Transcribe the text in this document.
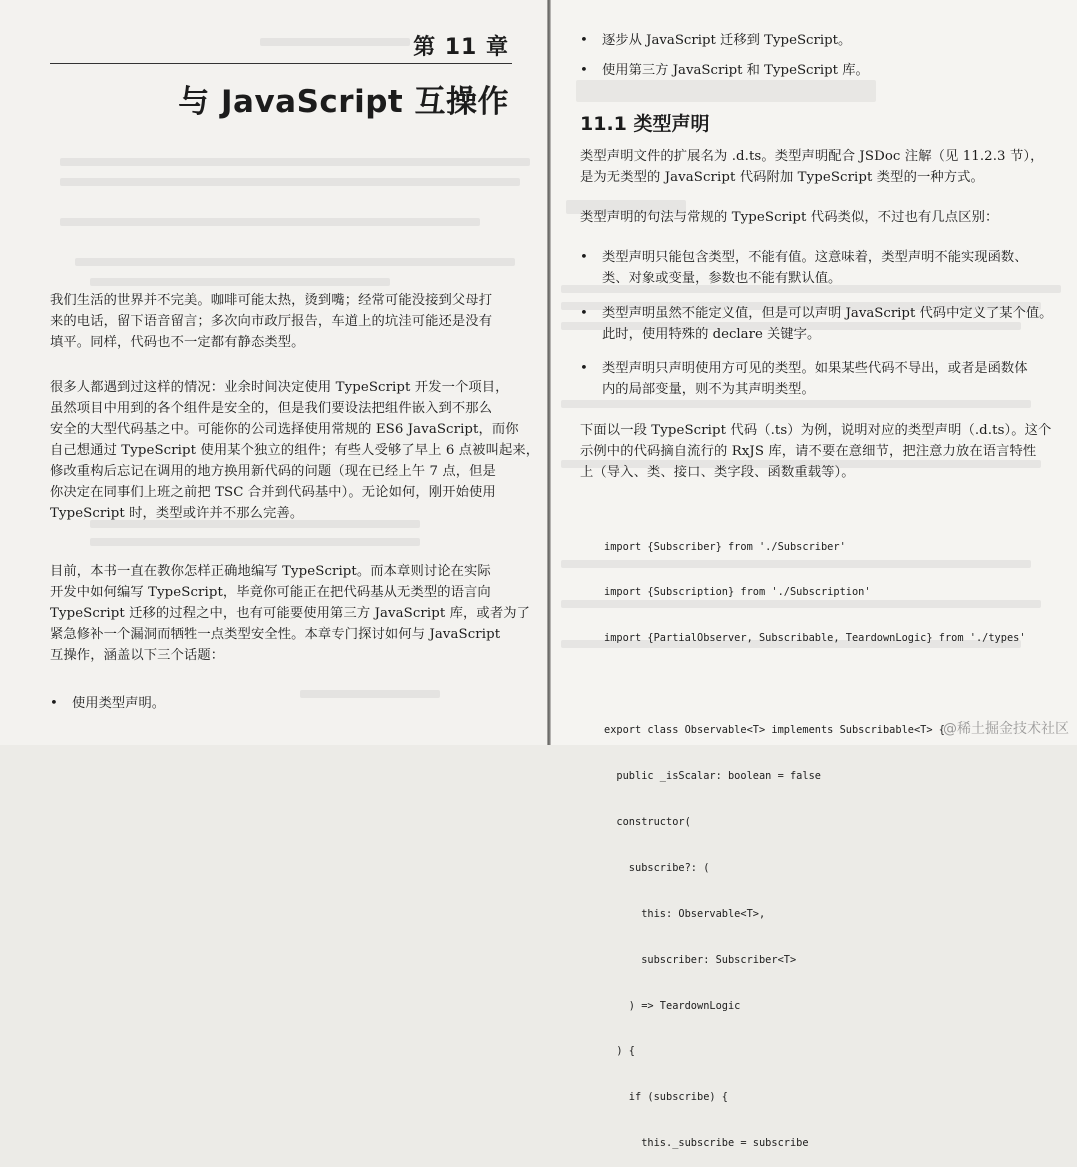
第 11 章
与 JavaScript 互操作
我们生活的世界并不完美。咖啡可能太热，烫到嘴；经常可能没接到父母打
来的电话，留下语音留言；多次向市政厅报告，车道上的坑洼可能还是没有
填平。同样，代码也不一定都有静态类型。
很多人都遇到过这样的情况：业余时间决定使用 TypeScript 开发一个项目，
虽然项目中用到的各个组件是安全的，但是我们要设法把组件嵌入到不那么
安全的大型代码基之中。可能你的公司选择使用常规的 ES6 JavaScript，而你
自己想通过 TypeScript 使用某个独立的组件；有些人受够了早上 6 点被叫起来，
修改重构后忘记在调用的地方换用新代码的问题（现在已经上午 7 点，但是
你决定在同事们上班之前把 TSC 合并到代码基中）。无论如何，刚开始使用
TypeScript 时，类型或许并不那么完善。
目前，本书一直在教你怎样正确地编写 TypeScript。而本章则讨论在实际
开发中如何编写 TypeScript，毕竟你可能正在把代码基从无类型的语言向
TypeScript 迁移的过程之中，也有可能要使用第三方 JavaScript 库，或者为了
紧急修补一个漏洞而牺牲一点类型安全性。本章专门探讨如何与 JavaScript
互操作，涵盖以下三个话题：
• 使用类型声明。
• 逐步从 JavaScript 迁移到 TypeScript。
• 使用第三方 JavaScript 和 TypeScript 库。
11.1 类型声明
类型声明文件的扩展名为 .d.ts。类型声明配合 JSDoc 注解（见 11.2.3 节），
是为无类型的 JavaScript 代码附加 TypeScript 类型的一种方式。
类型声明的句法与常规的 TypeScript 代码类似，不过也有几点区别：
• 类型声明只能包含类型，不能有值。这意味着，类型声明不能实现函数、
类、对象或变量，参数也不能有默认值。
• 类型声明虽然不能定义值，但是可以声明 JavaScript 代码中定义了某个值。
此时，使用特殊的 declare 关键字。
• 类型声明只声明使用方可见的类型。如果某些代码不导出，或者是函数体
内的局部变量，则不为其声明类型。
下面以一段 TypeScript 代码（.ts）为例，说明对应的类型声明（.d.ts）。这个
示例中的代码摘自流行的 RxJS 库，请不要在意细节，把注意力放在语言特性
上（导入、类、接口、类字段、函数重载等）。

import {Subscriber} from './Subscriber'

import {Subscription} from './Subscription'

import {PartialObserver, Subscribable, TeardownLogic} from './types'

export class Observable<T> implements Subscribable<T> {

public _isScalar: boolean = false

constructor(

subscribe?: (

this: Observable<T>,

subscriber: Subscriber<T>

) => TeardownLogic

) {

if (subscribe) {

this._subscribe = subscribe

@稀土掘金技术社区
